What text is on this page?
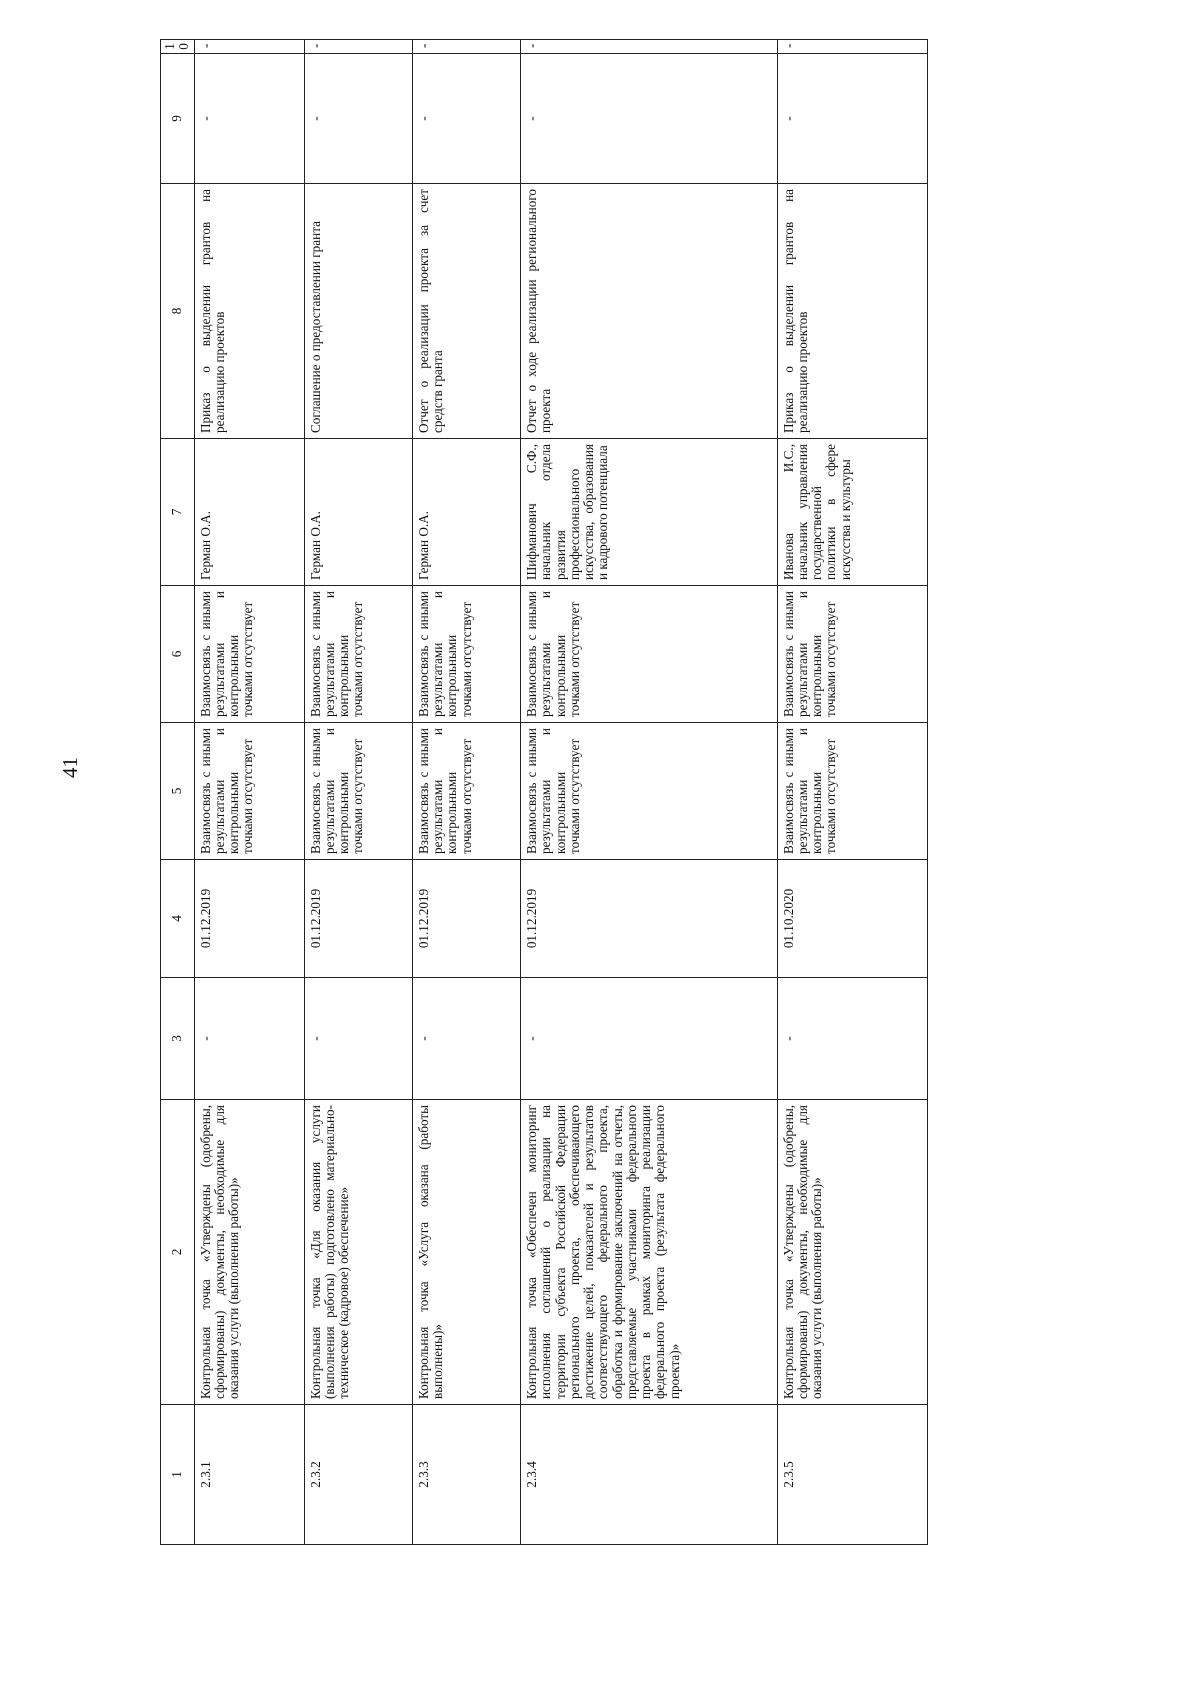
41
1	2	3	4	5	6	7	8	9	10
2.3.1	Контрольная точка «Утверждены (одобрены, сформированы) документы, необходимые для оказания услуги (выполнения работы)»	-	01.12.2019	Взаимосвязь с иными результатами и контрольными точками отсутствует	Взаимосвязь с иными результатами и контрольными точками отсутствует	Герман О.А.	Приказ о выделении грантов на реализацию проектов	-	-
2.3.2	Контрольная точка «Для оказания услуги (выполнения работы) подготовлено материально-техническое (кадровое) обеспечение»	-	01.12.2019	Взаимосвязь с иными результатами и контрольными точками отсутствует	Взаимосвязь с иными результатами и контрольными точками отсутствует	Герман О.А.	Соглашение о предоставлении гранта	-	-
2.3.3	Контрольная точка «Услуга оказана (работы выполнены)»	-	01.12.2019	Взаимосвязь с иными результатами и контрольными точками отсутствует	Взаимосвязь с иными результатами и контрольными точками отсутствует	Герман О.А.	Отчет о реализации проекта за счет средств гранта	-	-
2.3.4	Контрольная точка «Обеспечен мониторинг исполнения соглашений о реализации на территории субъекта Российской Федерации регионального проекта, обеспечивающего достижение целей, показателей и результатов соответствующего федерального проекта, обработка и формирование заключений на отчеты, представляемые участниками федерального проекта в рамках мониторинга реализации федерального проекта (результата федерального проекта)»	-	01.12.2019	Взаимосвязь с иными результатами и контрольными точками отсутствует	Взаимосвязь с иными результатами и контрольными точками отсутствует	Шифманович С.Ф., начальник отдела развития профессионального искусства, образования и кадрового потенциала	Отчет о ходе реализации регионального проекта	-	-
2.3.5	Контрольная точка «Утверждены (одобрены, сформированы) документы, необходимые для оказания услуги (выполнения работы)»	-	01.10.2020	Взаимосвязь с иными результатами и контрольными точками отсутствует	Взаимосвязь с иными результатами и контрольными точками отсутствует	Иванова И.С., начальник управления государственной политики в сфере искусства и культуры	Приказ о выделении грантов на реализацию проектов	-	-
